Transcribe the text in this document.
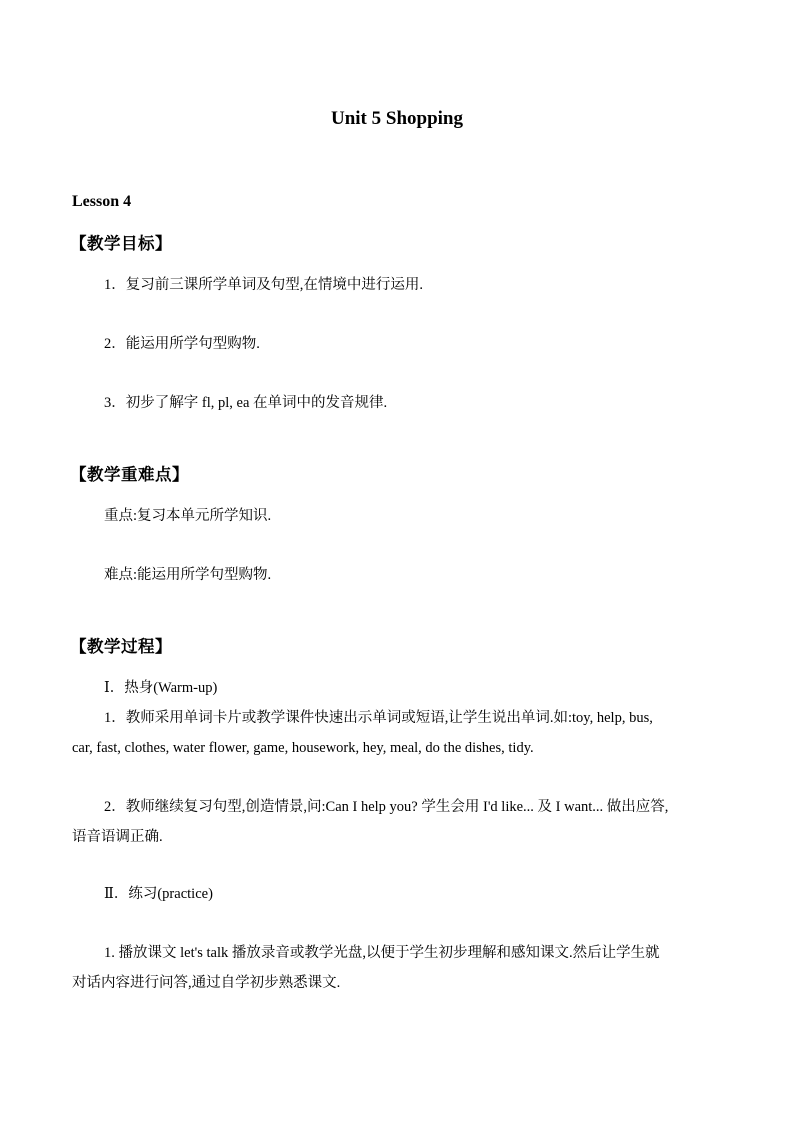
Unit 5 Shopping
Lesson 4
【教学目标】
1．复习前三课所学单词及句型,在情境中进行运用.
2．能运用所学句型购物.
3．初步了解字 fl, pl, ea 在单词中的发音规律.
【教学重难点】
重点:复习本单元所学知识.
难点:能运用所学句型购物.
【教学过程】
Ⅰ．热身(Warm-up)
1．教师采用单词卡片或教学课件快速出示单词或短语,让学生说出单词.如:toy, help, bus,
car, fast, clothes, water flower, game, housework, hey, meal, do the dishes, tidy.
2．教师继续复习句型,创造情景,问:Can I help you? 学生会用 I'd like... 及 I want... 做出应答,
语音语调正确.
Ⅱ．练习(practice)
1. 播放课文 let's talk 播放录音或教学光盘,以便于学生初步理解和感知课文.然后让学生就
对话内容进行问答,通过自学初步熟悉课文.
